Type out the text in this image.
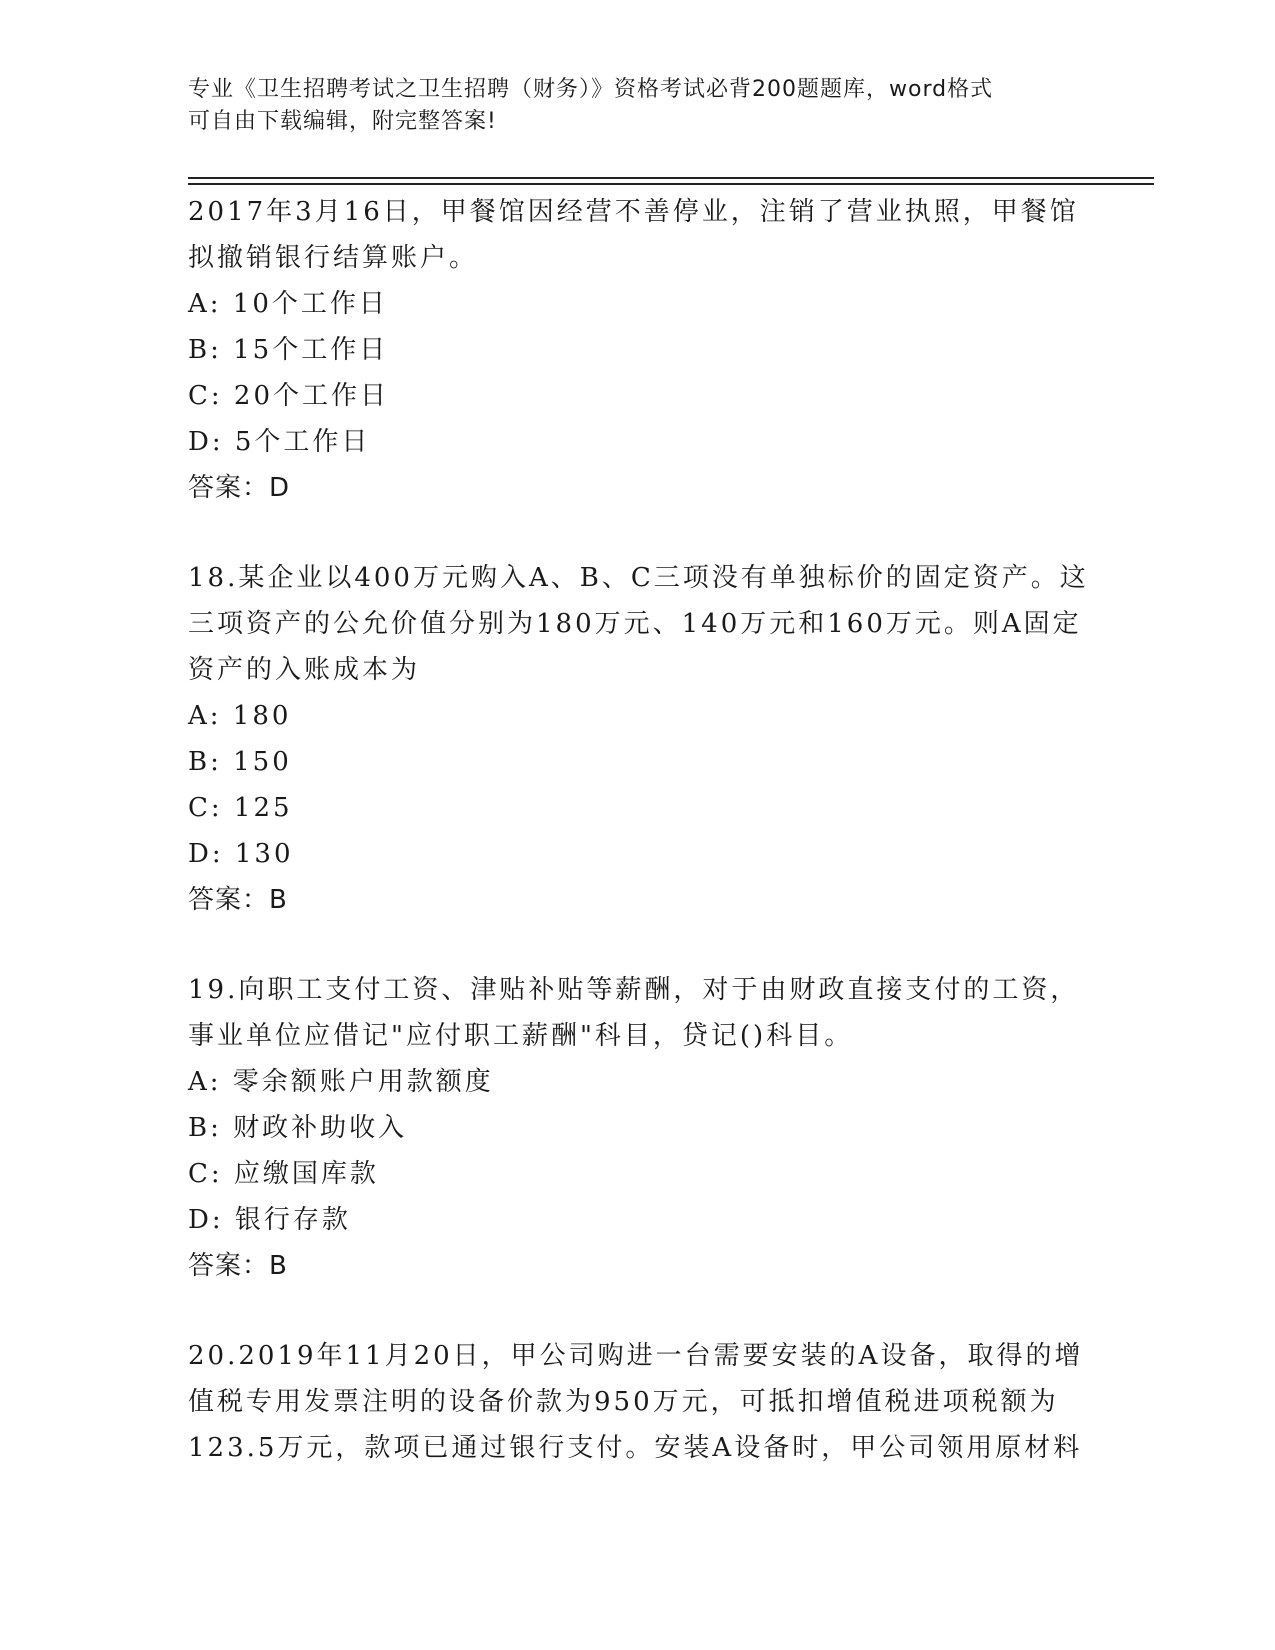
专业《卫生招聘考试之卫生招聘（财务）》资格考试必背200题题库，word格式
可自由下载编辑，附完整答案!
2017年3月16日，甲餐馆因经营不善停业，注销了营业执照，甲餐馆
拟撤销银行结算账户。
A: 10个工作日
B: 15个工作日
C: 20个工作日
D: 5个工作日
答案：D
18.某企业以400万元购入A、B、C三项没有单独标价的固定资产。这
三项资产的公允价值分别为180万元、140万元和160万元。则A固定
资产的入账成本为
A: 180
B: 150
C: 125
D: 130
答案：B
19.向职工支付工资、津贴补贴等薪酬，对于由财政直接支付的工资，
事业单位应借记"应付职工薪酬"科目，贷记()科目。
A: 零余额账户用款额度
B: 财政补助收入
C: 应缴国库款
D: 银行存款
答案：B
20.2019年11月20日，甲公司购进一台需要安装的A设备，取得的增
值税专用发票注明的设备价款为950万元，可抵扣增值税进项税额为
123.5万元，款项已通过银行支付。安装A设备时，甲公司领用原材料
